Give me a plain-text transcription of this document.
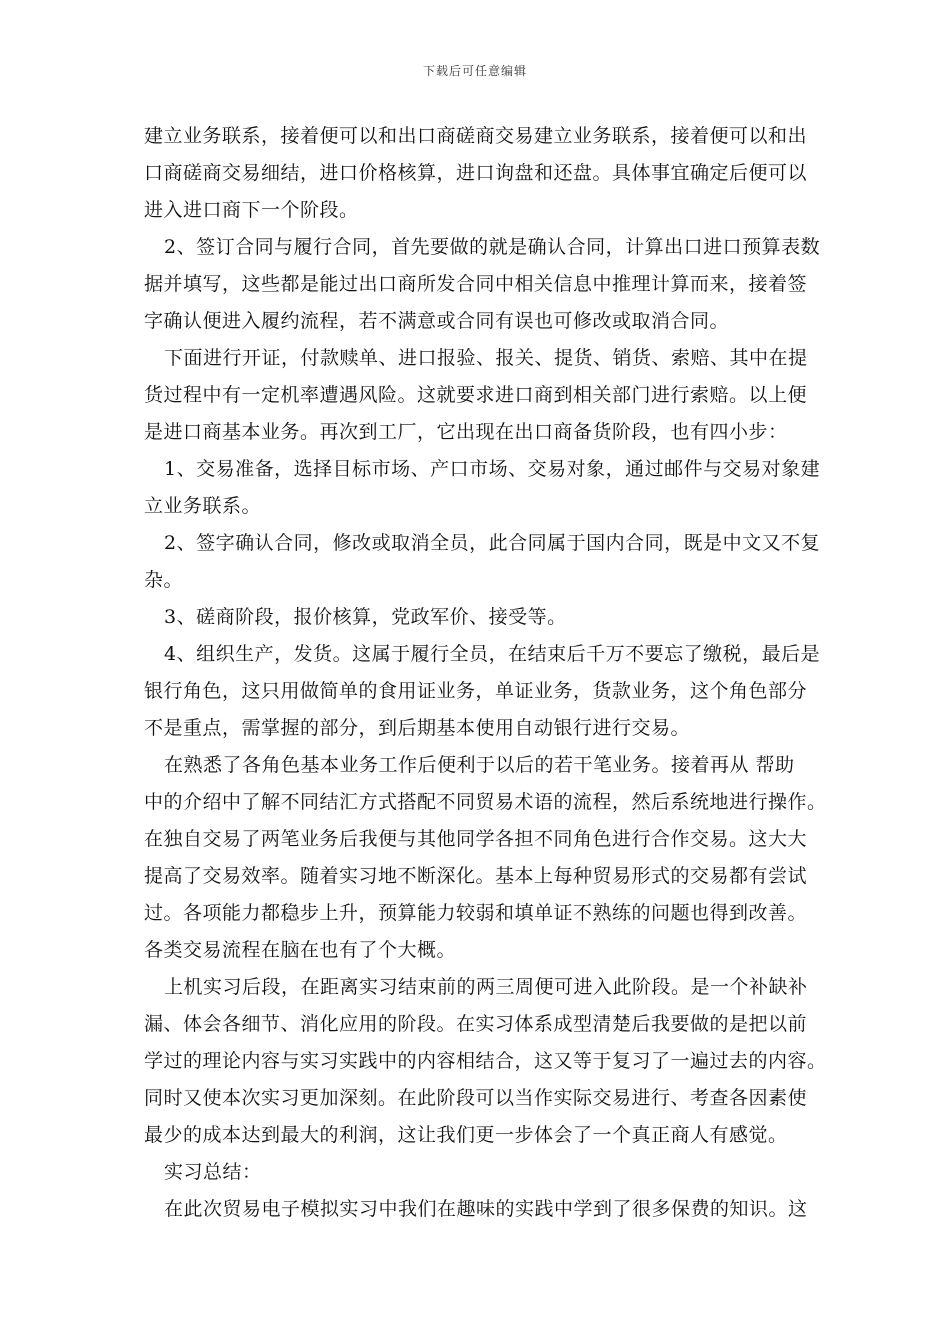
下载后可任意编辑
建立业务联系，接着便可以和出口商磋商交易建立业务联系，接着便可以和出
口商磋商交易细结，进口价格核算，进口询盘和还盘。具体事宜确定后便可以
进入进口商下一个阶段。
2、签订合同与履行合同，首先要做的就是确认合同，计算出口进口预算表数
据并填写，这些都是能过出口商所发合同中相关信息中推理计算而来，接着签
字确认便进入履约流程，若不满意或合同有误也可修改或取消合同。
下面进行开证，付款赎单、进口报验、报关、提货、销货、索赔、其中在提
货过程中有一定机率遭遇风险。这就要求进口商到相关部门进行索赔。以上便
是进口商基本业务。再次到工厂，它出现在出口商备货阶段，也有四小步：
1、交易准备，选择目标市场、产口市场、交易对象，通过邮件与交易对象建
立业务联系。
2、签字确认合同，修改或取消全员，此合同属于国内合同，既是中文又不复
杂。
3、磋商阶段，报价核算，党政军价、接受等。
4、组织生产，发货。这属于履行全员，在结束后千万不要忘了缴税，最后是
银行角色，这只用做简单的食用证业务，单证业务，货款业务，这个角色部分
不是重点，需掌握的部分，到后期基本使用自动银行进行交易。
在熟悉了各角色基本业务工作后便利于以后的若干笔业务。接着再从 帮助
中的介绍中了解不同结汇方式搭配不同贸易术语的流程，然后系统地进行操作。
在独自交易了两笔业务后我便与其他同学各担不同角色进行合作交易。这大大
提高了交易效率。随着实习地不断深化。基本上每种贸易形式的交易都有尝试
过。各项能力都稳步上升，预算能力较弱和填单证不熟练的问题也得到改善。
各类交易流程在脑在也有了个大概。
上机实习后段，在距离实习结束前的两三周便可进入此阶段。是一个补缺补
漏、体会各细节、消化应用的阶段。在实习体系成型清楚后我要做的是把以前
学过的理论内容与实习实践中的内容相结合，这又等于复习了一遍过去的内容。
同时又使本次实习更加深刻。在此阶段可以当作实际交易进行、考查各因素使
最少的成本达到最大的利润，这让我们更一步体会了一个真正商人有感觉。
实习总结：
在此次贸易电子模拟实习中我们在趣味的实践中学到了很多保费的知识。这
